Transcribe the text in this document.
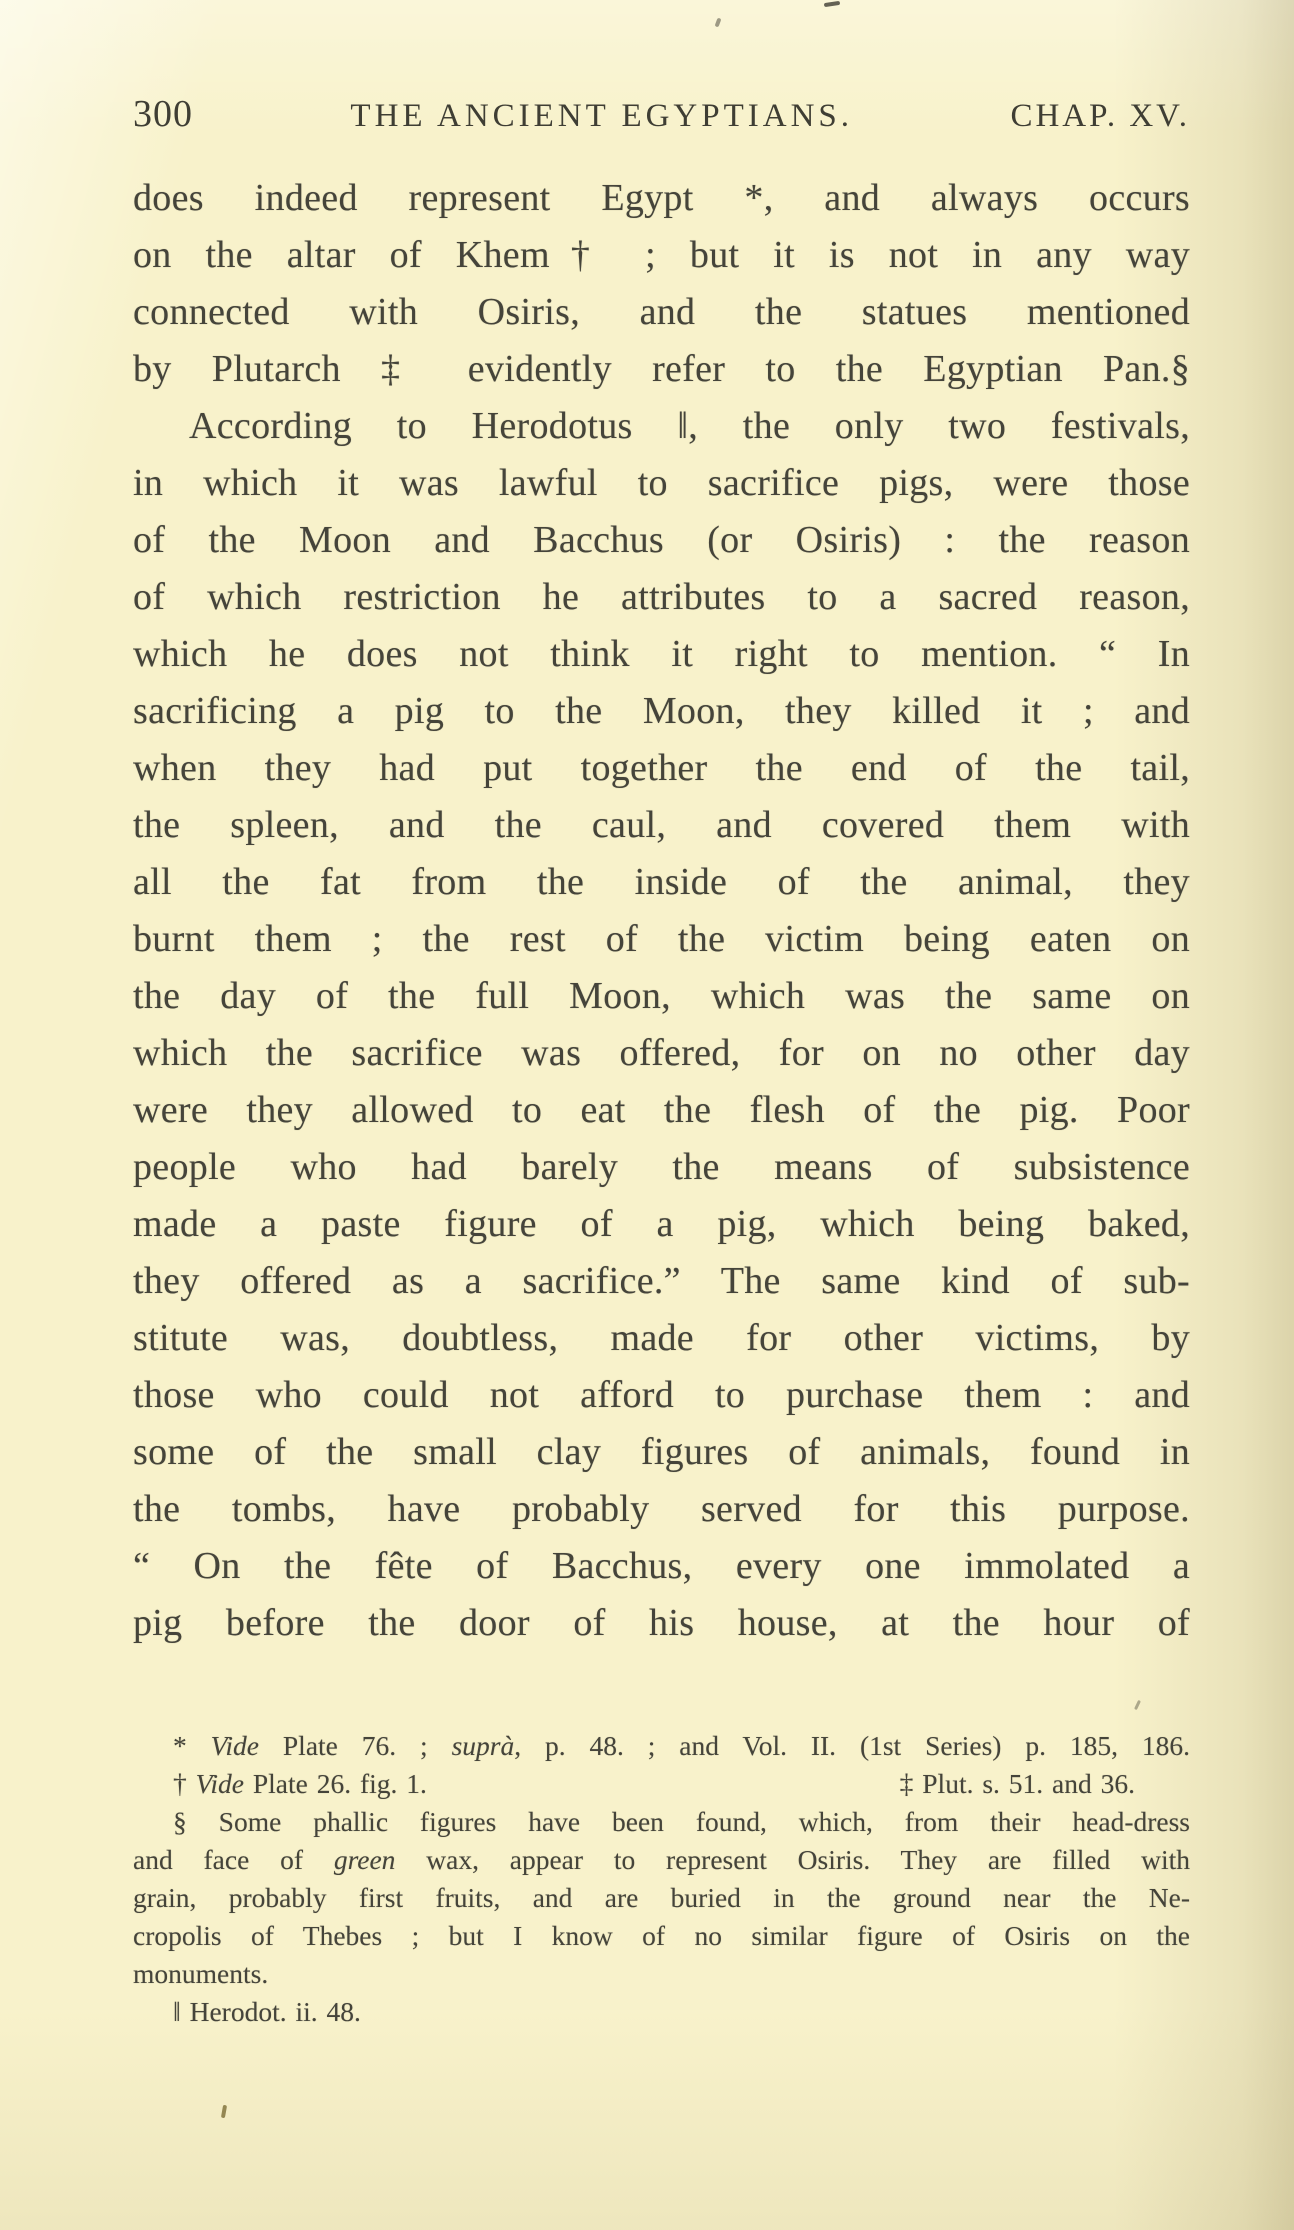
300	THE ANCIENT EGYPTIANS.	CHAP. XV.
does indeed represent Egypt *, and always occurs
on the altar of Khem† ; but it is not in any way
connected with Osiris, and the statues mentioned
by Plutarch ‡ evidently refer to the Egyptian Pan.§
According to Herodotus ‖, the only two festivals,
in which it was lawful to sacrifice pigs, were those
of the Moon and Bacchus (or Osiris) : the reason
of which restriction he attributes to a sacred reason,
which he does not think it right to mention. “ In
sacrificing a pig to the Moon, they killed it ; and
when they had put together the end of the tail,
the spleen, and the caul, and covered them with
all the fat from the inside of the animal, they
burnt them ; the rest of the victim being eaten on
the day of the full Moon, which was the same on
which the sacrifice was offered, for on no other day
were they allowed to eat the flesh of the pig. Poor
people who had barely the means of subsistence
made a paste figure of a pig, which being baked,
they offered as a sacrifice.” The same kind of sub-
stitute was, doubtless, made for other victims, by
those who could not afford to purchase them : and
some of the small clay figures of animals, found in
the tombs, have probably served for this purpose.
“ On the fête of Bacchus, every one immolated a
pig before the door of his house, at the hour of
* Vide Plate 76. ; suprà, p. 48. ; and Vol. II. (1st Series) p. 185, 186.
† Vide Plate 26. fig. 1.	‡ Plut. s. 51. and 36.
§ Some phallic figures have been found, which, from their head-dress
and face of green wax, appear to represent Osiris. They are filled with
grain, probably first fruits, and are buried in the ground near the Ne-
cropolis of Thebes ; but I know of no similar figure of Osiris on the
monuments.
‖ Herodot. ii. 48.
